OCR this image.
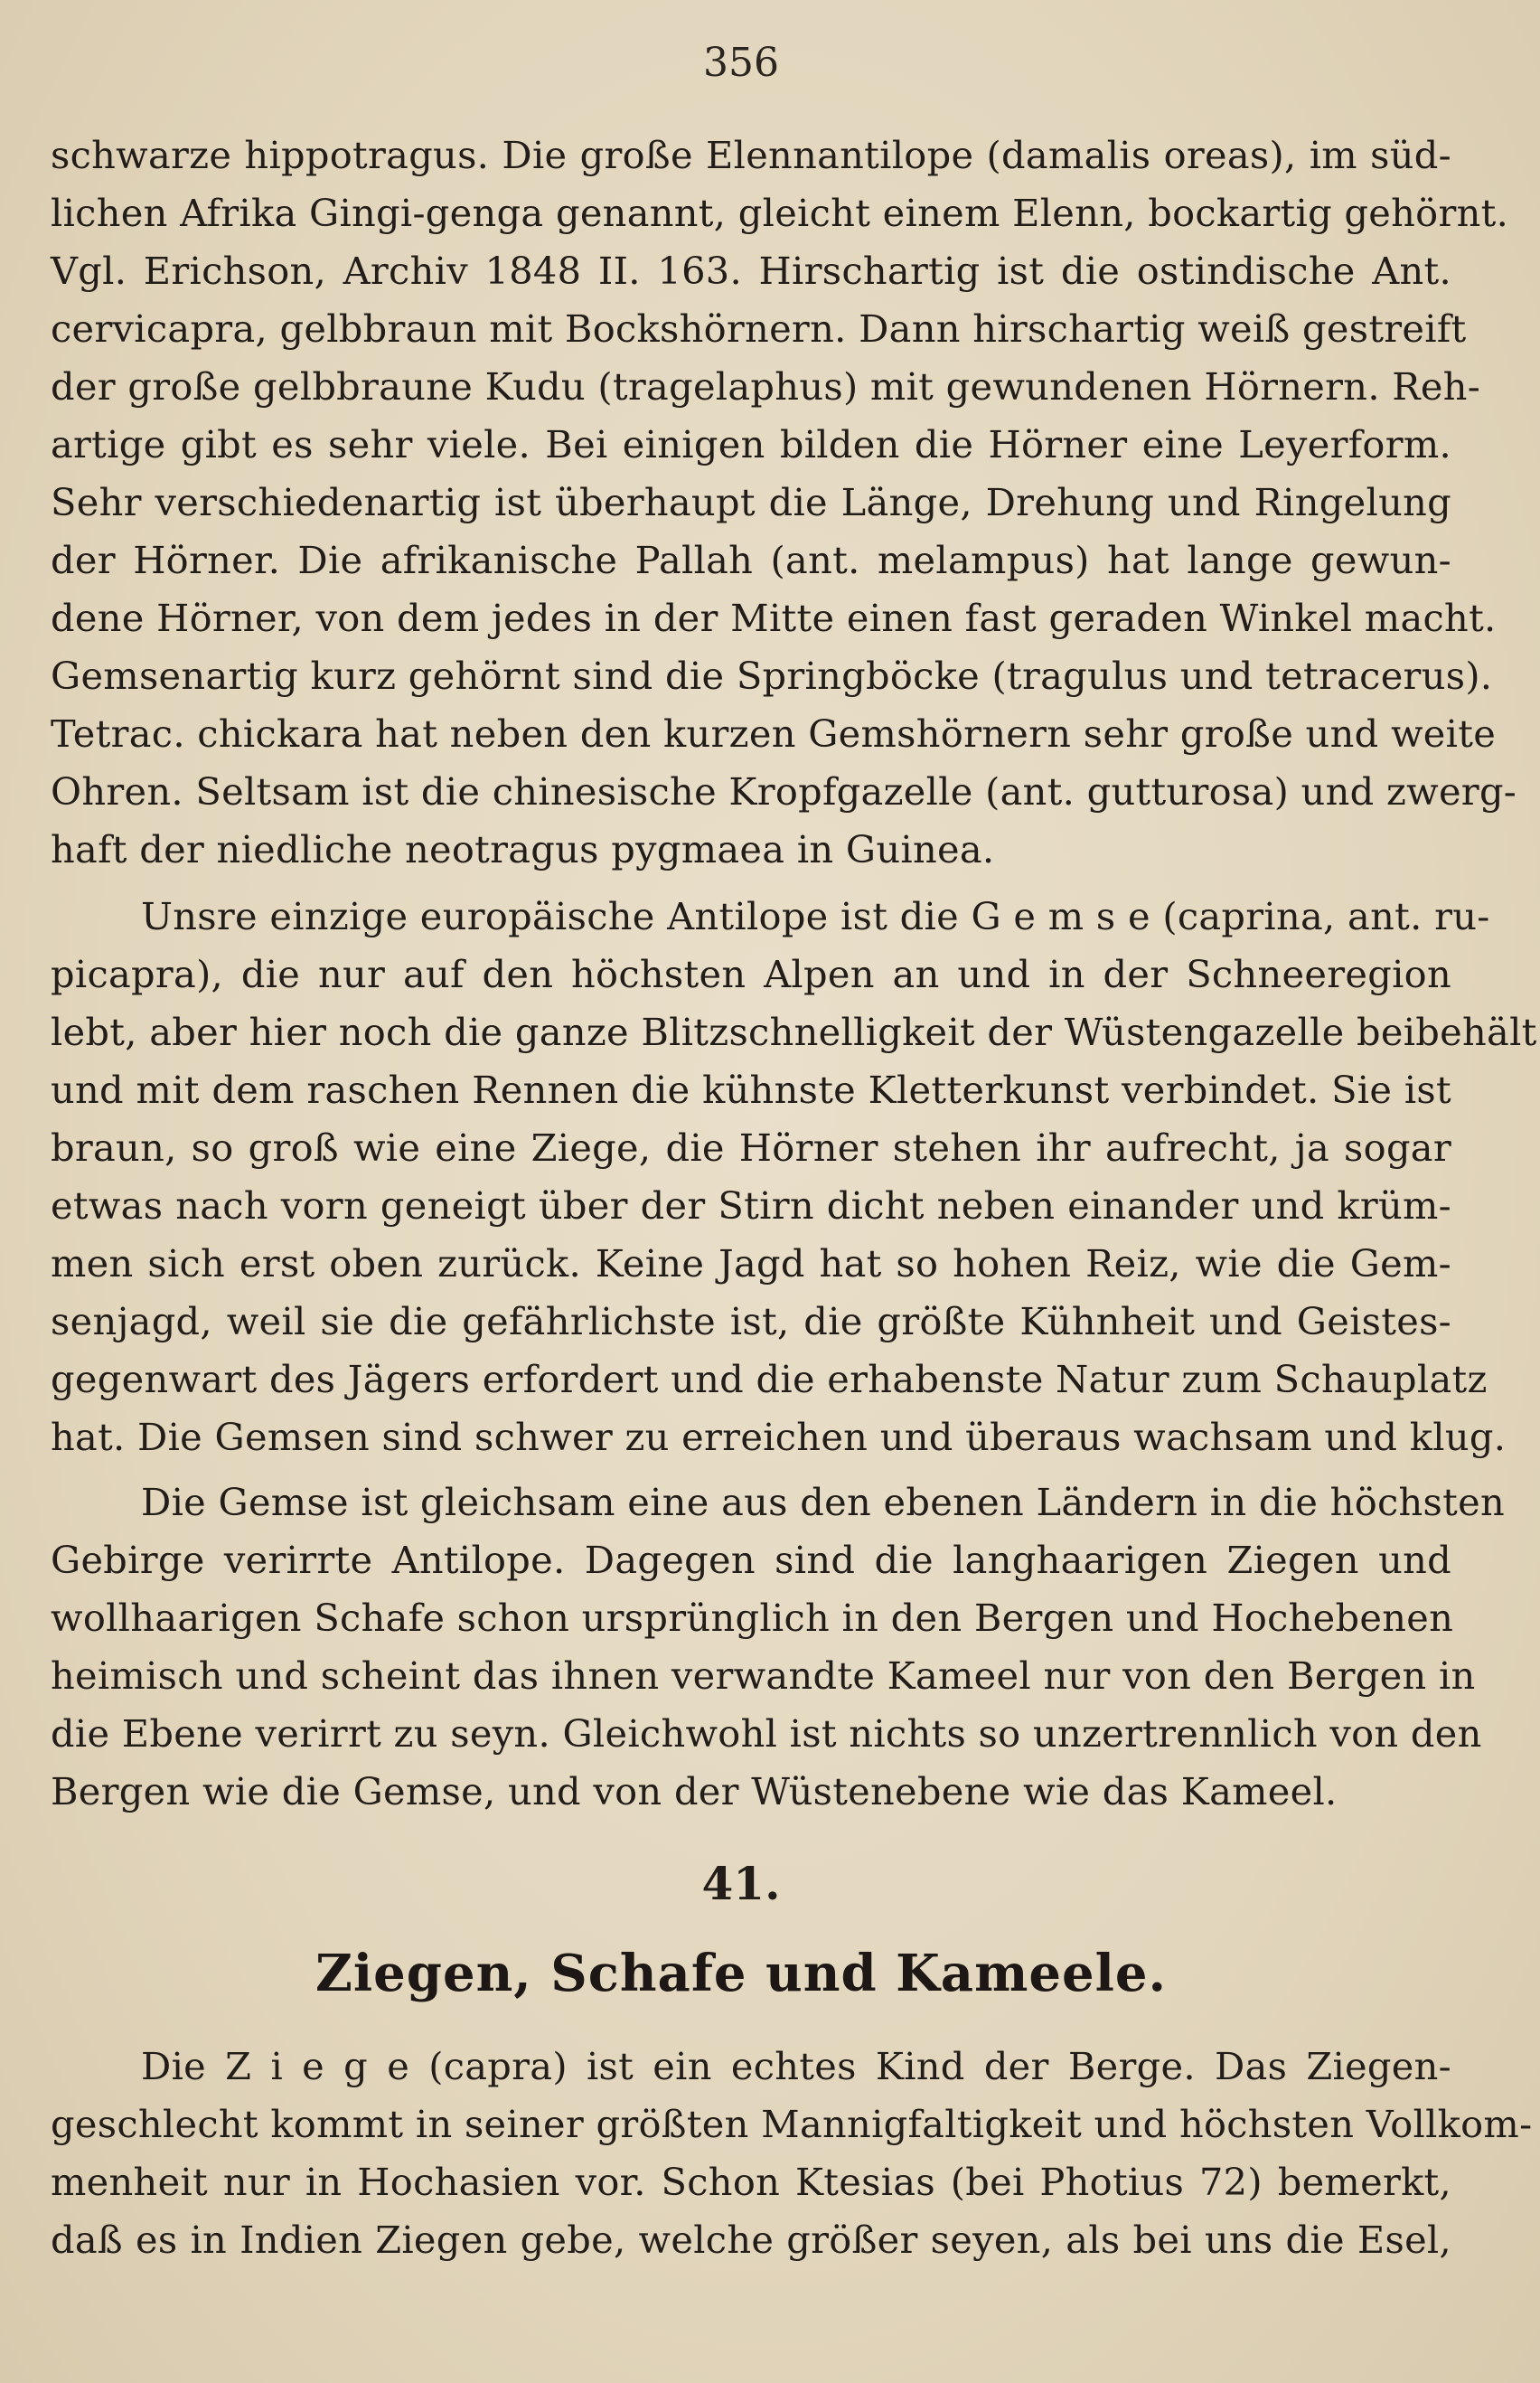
356
schwarze hippotragus. Die große Elennantilope (damalis oreas), im süd-
lichen Afrika Gingi-genga genannt, gleicht einem Elenn, bockartig gehörnt.
Vgl. Erichson, Archiv 1848 II. 163. Hirschartig ist die ostindische Ant.
cervicapra, gelbbraun mit Bockshörnern. Dann hirschartig weiß gestreift
der große gelbbraune Kudu (tragelaphus) mit gewundenen Hörnern. Reh-
artige gibt es sehr viele. Bei einigen bilden die Hörner eine Leyerform.
Sehr verschiedenartig ist überhaupt die Länge, Drehung und Ringelung
der Hörner. Die afrikanische Pallah (ant. melampus) hat lange gewun-
dene Hörner, von dem jedes in der Mitte einen fast geraden Winkel macht.
Gemsenartig kurz gehörnt sind die Springböcke (tragulus und tetracerus).
Tetrac. chickara hat neben den kurzen Gemshörnern sehr große und weite
Ohren. Seltsam ist die chinesische Kropfgazelle (ant. gutturosa) und zwerg-
haft der niedliche neotragus pygmaea in Guinea.
Unsre einzige europäische Antilope ist die G e m s e (caprina, ant. ru-
picapra), die nur auf den höchsten Alpen an und in der Schneeregion
lebt, aber hier noch die ganze Blitzschnelligkeit der Wüstengazelle beibehält
und mit dem raschen Rennen die kühnste Kletterkunst verbindet. Sie ist
braun, so groß wie eine Ziege, die Hörner stehen ihr aufrecht, ja sogar
etwas nach vorn geneigt über der Stirn dicht neben einander und krüm-
men sich erst oben zurück. Keine Jagd hat so hohen Reiz, wie die Gem-
senjagd, weil sie die gefährlichste ist, die größte Kühnheit und Geistes-
gegenwart des Jägers erfordert und die erhabenste Natur zum Schauplatz
hat. Die Gemsen sind schwer zu erreichen und überaus wachsam und klug.
Die Gemse ist gleichsam eine aus den ebenen Ländern in die höchsten
Gebirge verirrte Antilope. Dagegen sind die langhaarigen Ziegen und
wollhaarigen Schafe schon ursprünglich in den Bergen und Hochebenen
heimisch und scheint das ihnen verwandte Kameel nur von den Bergen in
die Ebene verirrt zu seyn. Gleichwohl ist nichts so unzertrennlich von den
Bergen wie die Gemse, und von der Wüstenebene wie das Kameel.
41.
Ziegen, Schafe und Kameele.
Die Z i e g e (capra) ist ein echtes Kind der Berge. Das Ziegen-
geschlecht kommt in seiner größten Mannigfaltigkeit und höchsten Vollkom-
menheit nur in Hochasien vor. Schon Ktesias (bei Photius 72) bemerkt,
daß es in Indien Ziegen gebe, welche größer seyen, als bei uns die Esel,
